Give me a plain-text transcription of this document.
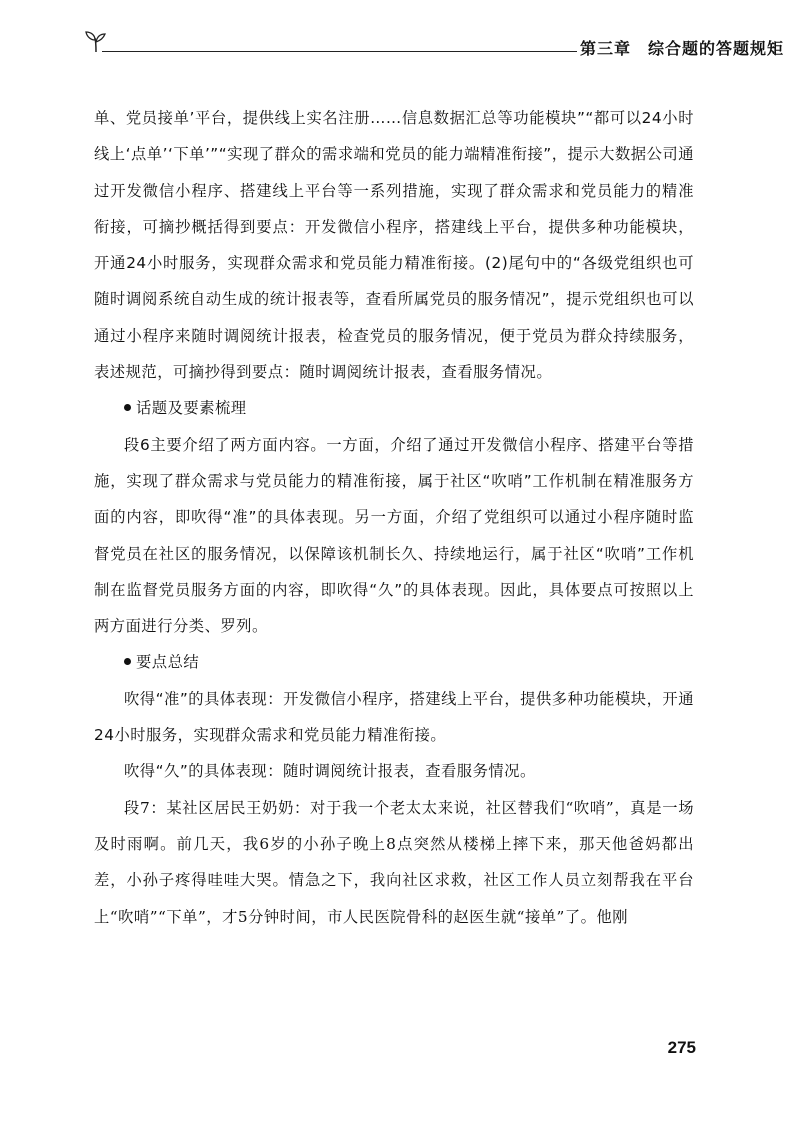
第三章　综合题的答题规矩

单、党员接单’平台，提供线上实名注册……信息数据汇总等功能模块”“都可以24小时线上‘点单’‘下单’”“实现了群众的需求端和党员的能力端精准衔接”，提示大数据公司通过开发微信小程序、搭建线上平台等一系列措施，实现了群众需求和党员能力的精准衔接，可摘抄概括得到要点：开发微信小程序，搭建线上平台，提供多种功能模块，开通24小时服务，实现群众需求和党员能力精准衔接。(2)尾句中的“各级党组织也可随时调阅系统自动生成的统计报表等，查看所属党员的服务情况”，提示党组织也可以通过小程序来随时调阅统计报表，检查党员的服务情况，便于党员为群众持续服务，表述规范，可摘抄得到要点：随时调阅统计报表，查看服务情况。

话题及要素梳理

段6主要介绍了两方面内容。一方面，介绍了通过开发微信小程序、搭建平台等措施，实现了群众需求与党员能力的精准衔接，属于社区“吹哨”工作机制在精准服务方面的内容，即吹得“准”的具体表现。另一方面，介绍了党组织可以通过小程序随时监督党员在社区的服务情况，以保障该机制长久、持续地运行，属于社区“吹哨”工作机制在监督党员服务方面的内容，即吹得“久”的具体表现。因此，具体要点可按照以上两方面进行分类、罗列。

要点总结

吹得“准”的具体表现：开发微信小程序，搭建线上平台，提供多种功能模块，开通24小时服务，实现群众需求和党员能力精准衔接。

吹得“久”的具体表现：随时调阅统计报表，查看服务情况。

段7：某社区居民王奶奶：对于我一个老太太来说，社区替我们“吹哨”，真是一场及时雨啊。前几天，我6岁的小孙子晚上8点突然从楼梯上摔下来，那天他爸妈都出差，小孙子疼得哇哇大哭。情急之下，我向社区求救，社区工作人员立刻帮我在平台上“吹哨”“下单”，才5分钟时间，市人民医院骨科的赵医生就“接单”了。他刚

275
